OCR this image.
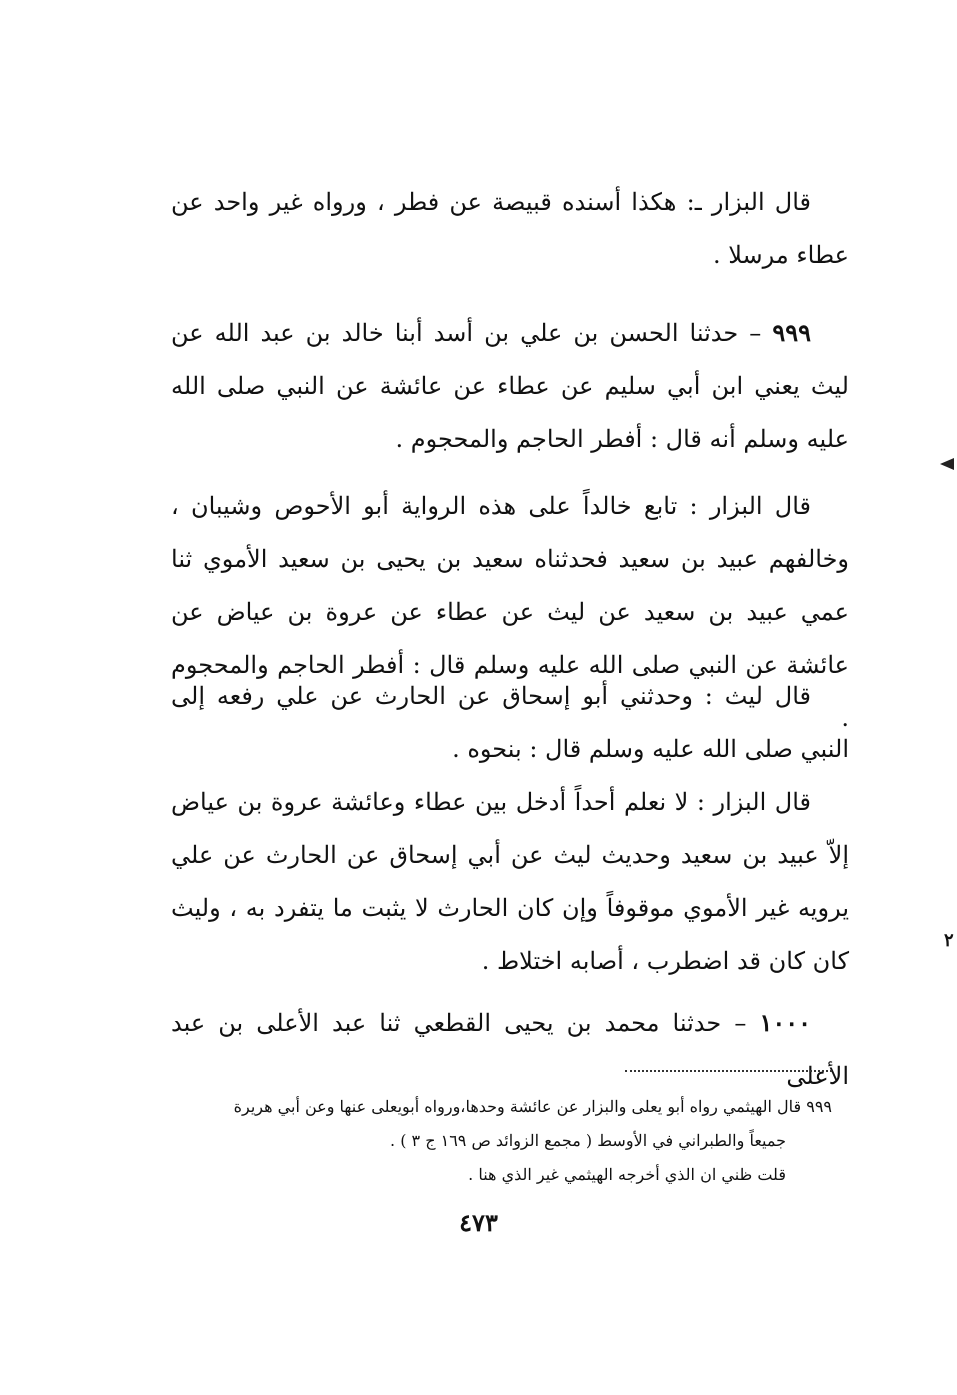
قال البزار ـ: هكذا أسنده قبيصة عن فطر ، ورواه غير واحد عن عطاء مرسلا .

٩٩٩ – حدثنا الحسن بن علي بن أسد أبنا خالد بن عبد الله عن ليث يعني ابن أبي سليم عن عطاء عن عائشة عن النبي صلى الله عليه وسلم أنه قال : أفطر الحاجم والمحجوم .

قال البزار : تابع خالداً على هذه الرواية أبو الأحوص وشيبان ، وخالفهم عبيد بن سعيد فحدثناه سعيد بن يحيى بن سعيد الأموي ثنا عمي عبيد بن سعيد عن ليث عن عطاء عن عروة بن عياض عن عائشة عن النبي صلى الله عليه وسلم قال : أفطر الحاجم والمحجوم .

قال ليث : وحدثني أبو إسحاق عن الحارث عن علي رفعه إلى النبي صلى الله عليه وسلم قال : بنحوه .

قال البزار : لا نعلم أحداً أدخل بين عطاء وعائشة عروة بن عياض إلاّ عبيد بن سعيد وحديث ليث عن أبي إسحاق عن الحارث عن علي يرويه غير الأموي موقوفاً وإن كان الحارث لا يثبت ما يتفرد به ، وليث كان كان قد اضطرب ، أصابه اختلاط .

١٠٠٠ – حدثنا محمد بن يحيى القطعي ثنا عبد الأعلى بن عبد الأعلى

٩٩٩ قال الهيثمي رواه أبو يعلى والبزار عن عائشة وحدها،ورواه أبويعلى عنها وعن أبي هريرة

جميعاً والطبراني في الأوسط ( مجمع الزوائد ص ١٦٩ ج ٣ ) .

قلت ظني ان الذي أخرجه الهيثمي غير الذي هنا .

٤٧٣
٢
